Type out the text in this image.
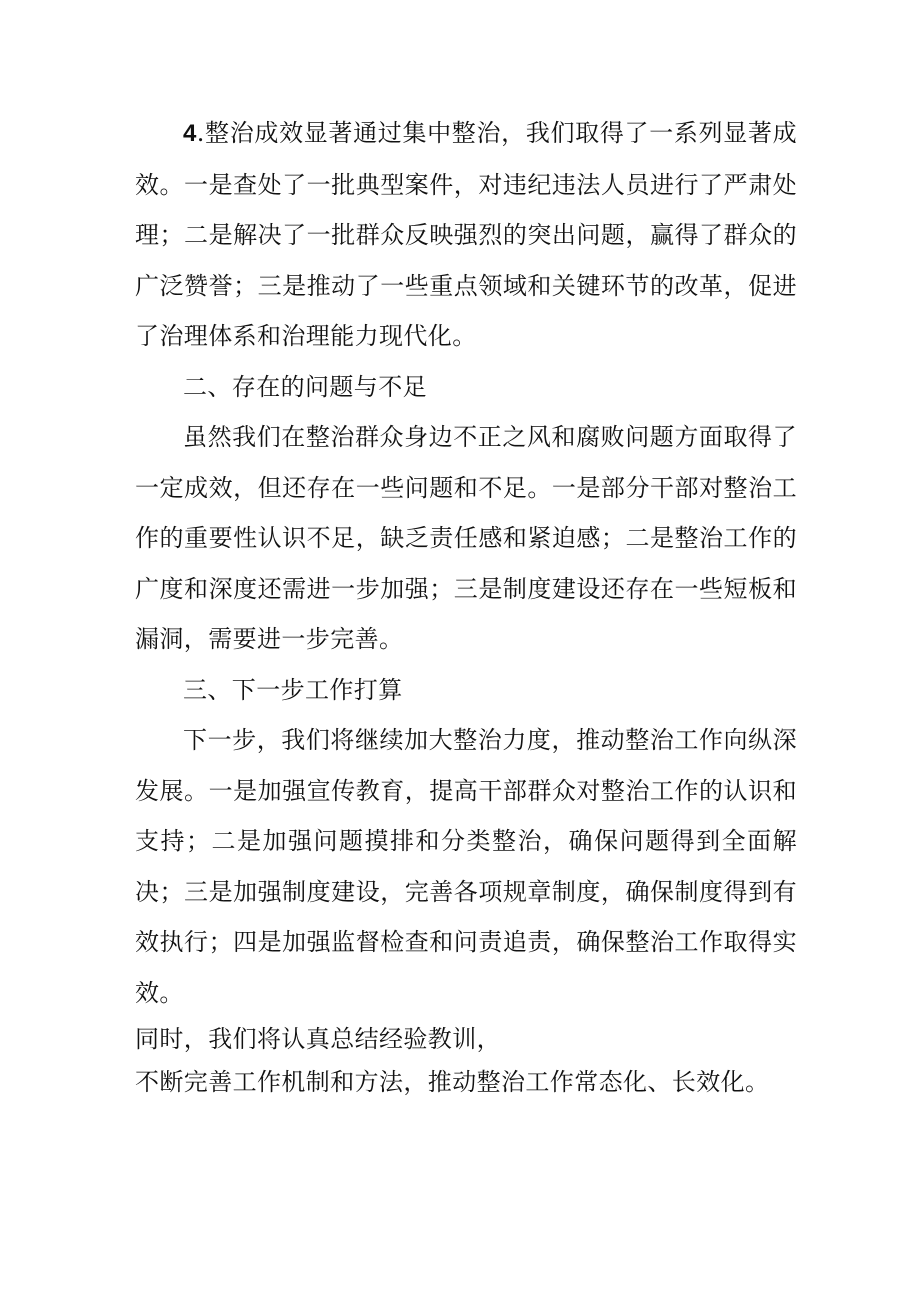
4.整治成效显著通过集中整治，我们取得了一系列显著成效。一是查处了一批典型案件，对违纪违法人员进行了严肃处理；二是解决了一批群众反映强烈的突出问题，赢得了群众的广泛赞誉；三是推动了一些重点领域和关键环节的改革，促进了治理体系和治理能力现代化。

二、存在的问题与不足

虽然我们在整治群众身边不正之风和腐败问题方面取得了一定成效，但还存在一些问题和不足。一是部分干部对整治工作的重要性认识不足，缺乏责任感和紧迫感；二是整治工作的广度和深度还需进一步加强；三是制度建设还存在一些短板和漏洞，需要进一步完善。

三、下一步工作打算

下一步，我们将继续加大整治力度，推动整治工作向纵深发展。一是加强宣传教育，提高干部群众对整治工作的认识和支持；二是加强问题摸排和分类整治，确保问题得到全面解决；三是加强制度建设，完善各项规章制度，确保制度得到有效执行；四是加强监督检查和问责追责，确保整治工作取得实效。

同时，我们将认真总结经验教训，

不断完善工作机制和方法，推动整治工作常态化、长效化。
